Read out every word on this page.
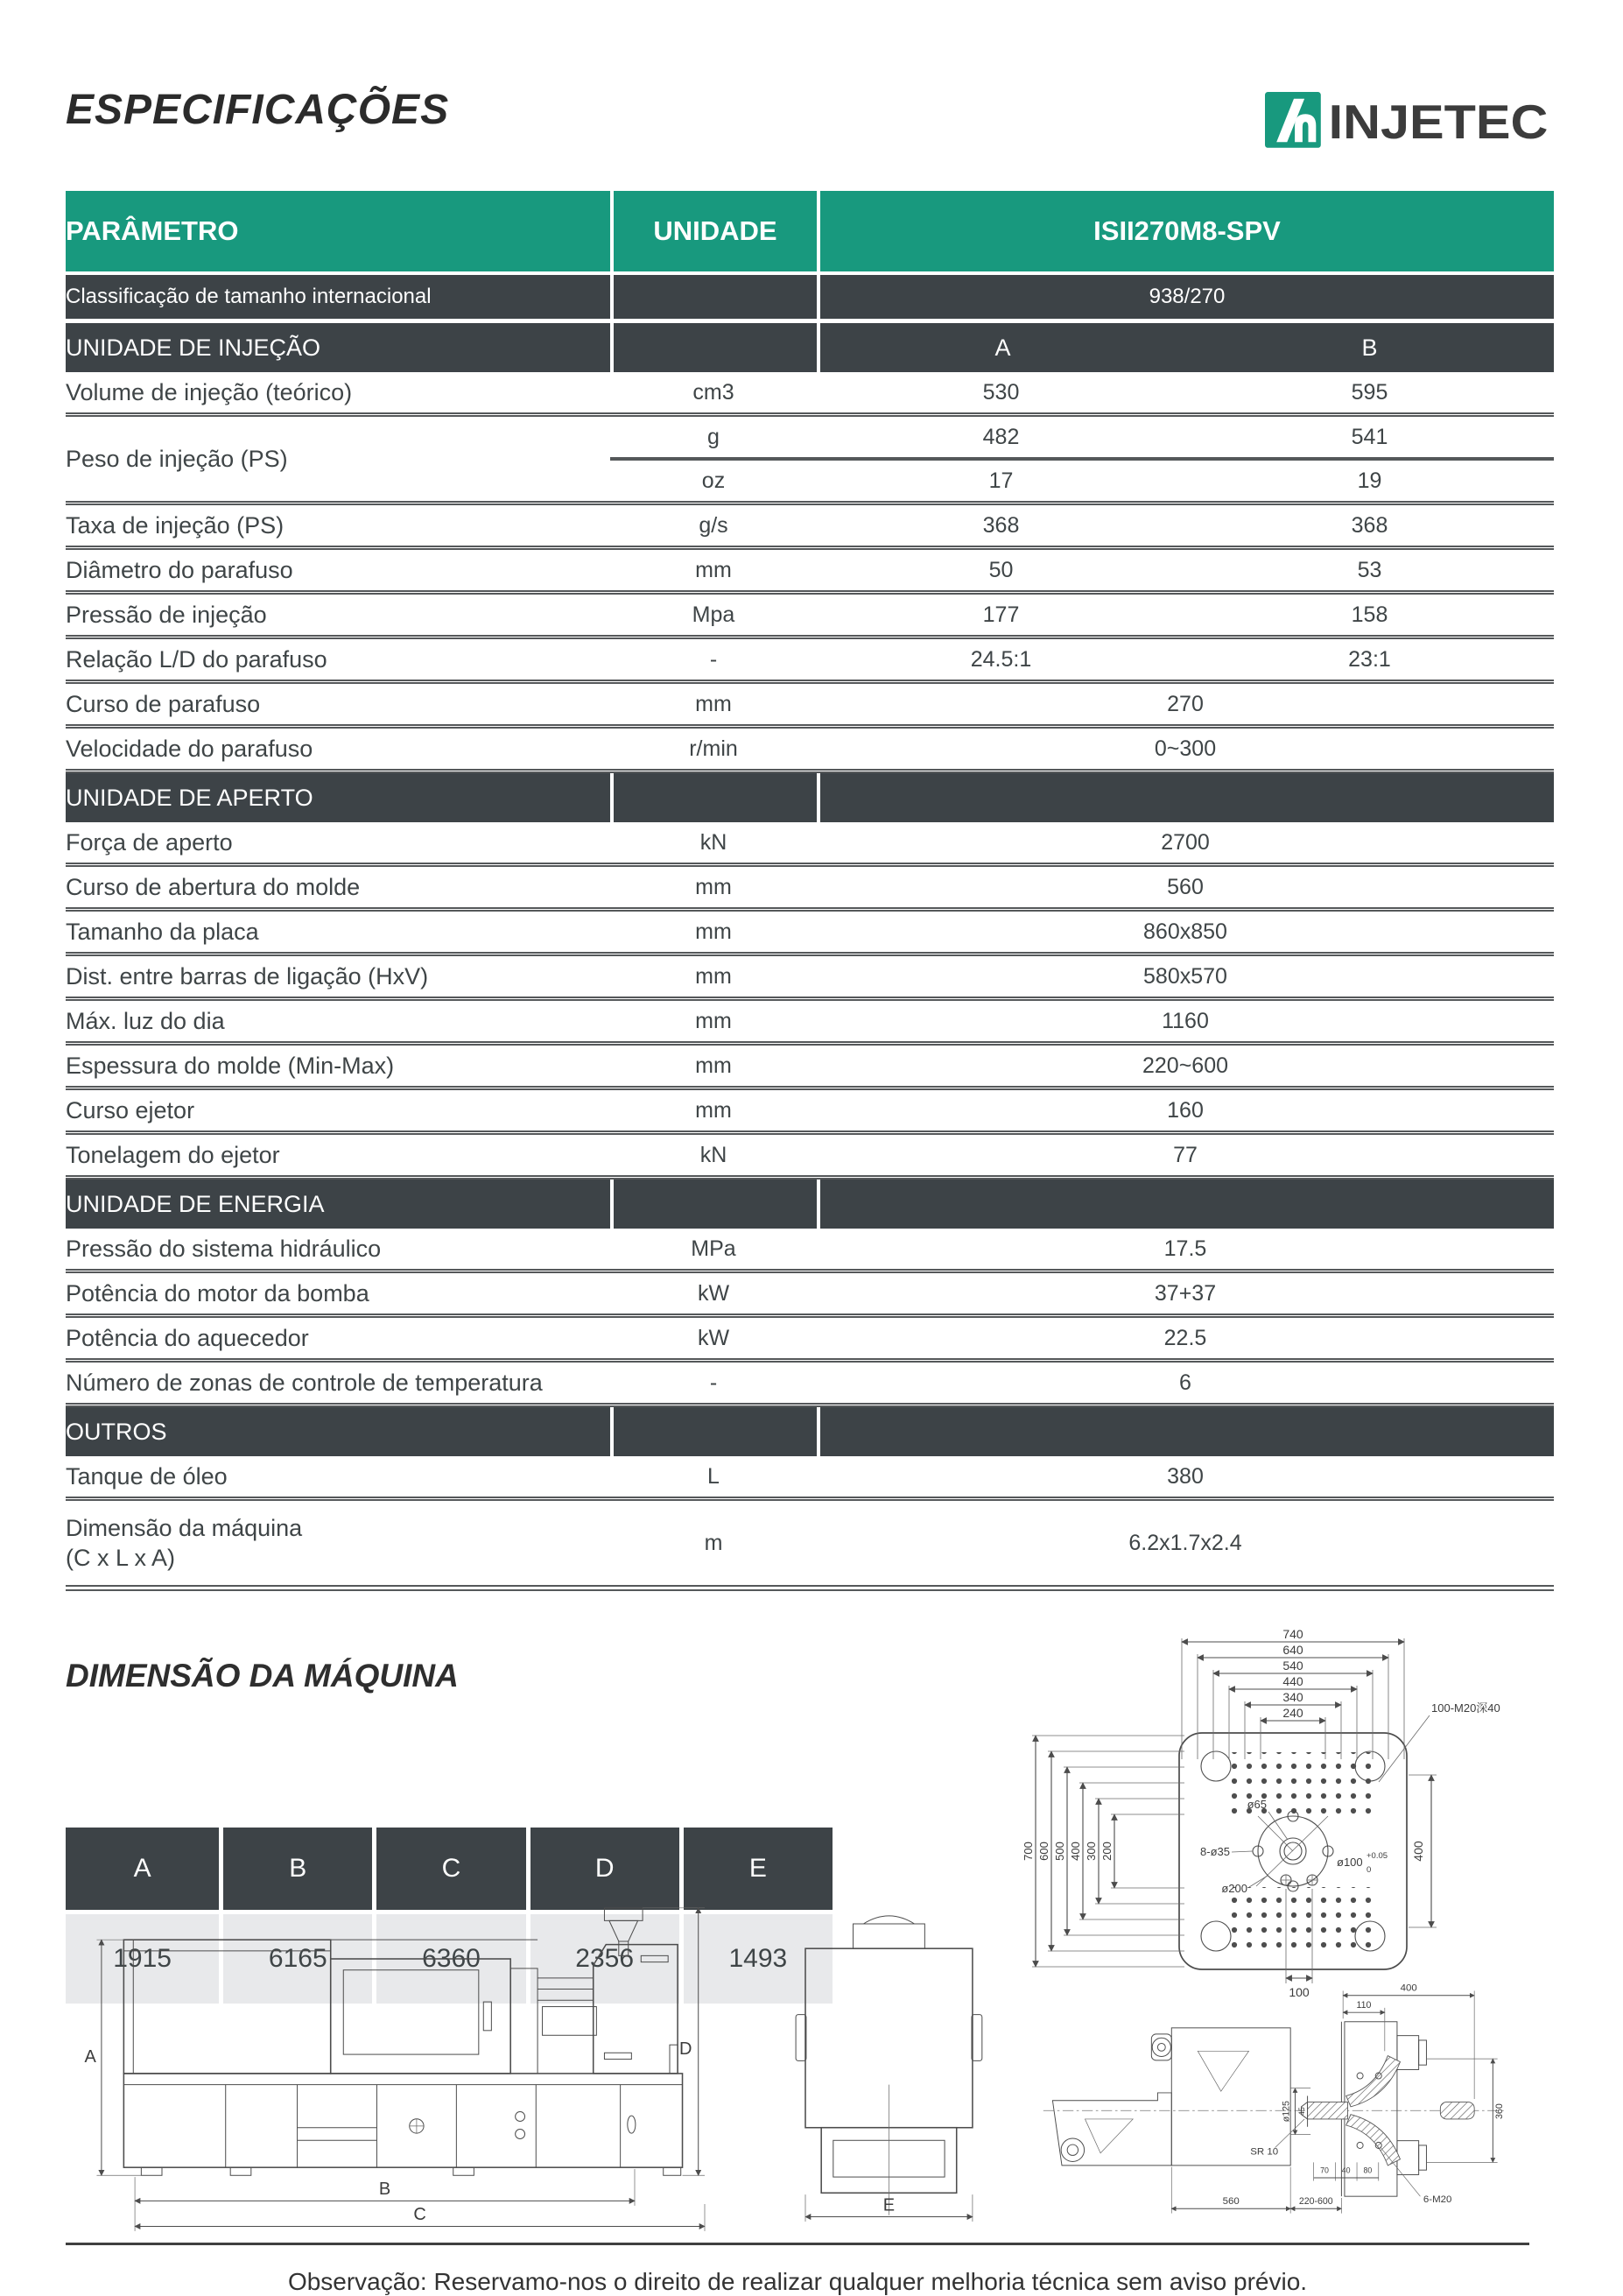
ESPECIFICAÇÕES	INJETEC
PARÂMETRO	UNIDADE	ISII270M8-SPV	
Classificação de tamanho internacional		938/270	
UNIDADE DE INJEÇÃO		A	B
Volume de injeção (teórico)	cm3	530	595
Peso de injeção (PS)	g	482	541
	oz	17	19
Taxa de injeção (PS)	g/s	368	368
Diâmetro do parafuso	mm	50	53
Pressão de injeção	Mpa	177	158
Relação L/D do parafuso	-	24.5:1	23:1
Curso de parafuso	mm	270	
Velocidade do parafuso	r/min	0~300	
UNIDADE DE APERTO			
Força de aperto	kN	2700	
Curso de abertura do molde	mm	560	
Tamanho da placa	mm	860x850	
Dist. entre barras de ligação (HxV)	mm	580x570	
Máx. luz do dia	mm	1160	
Espessura do molde (Min-Max)	mm	220~600	
Curso ejetor	mm	160	
Tonelagem do ejetor	kN	77	
UNIDADE DE ENERGIA			
Pressão do sistema hidráulico	MPa	17.5	
Potência do motor da bomba	kW	37+37	
Potência do aquecedor	kW	22.5	
Número de zonas de controle de temperatura	-	6	
OUTROS			
Tanque de óleo	L	380	

Dimensão da máquina
(C x L x A)	m	6.2x1.7x2.4	
DIMENSÃO DA MÁQUINA
A	B	C	D	E
1915	6165	6360	2356	1493
740
640
540
440
340
240
700 600 500 400 300 200	400
100
100-M20深40
ø65
8-ø35
ø200
ø100 +0.05
0
A	D
B
C	E
400
110
ø125 45
SR 10
70 40 80
6-M20
560	220-600
360

Observação: Reservamo-nos o direito de realizar qualquer melhoria técnica sem aviso prévio.
